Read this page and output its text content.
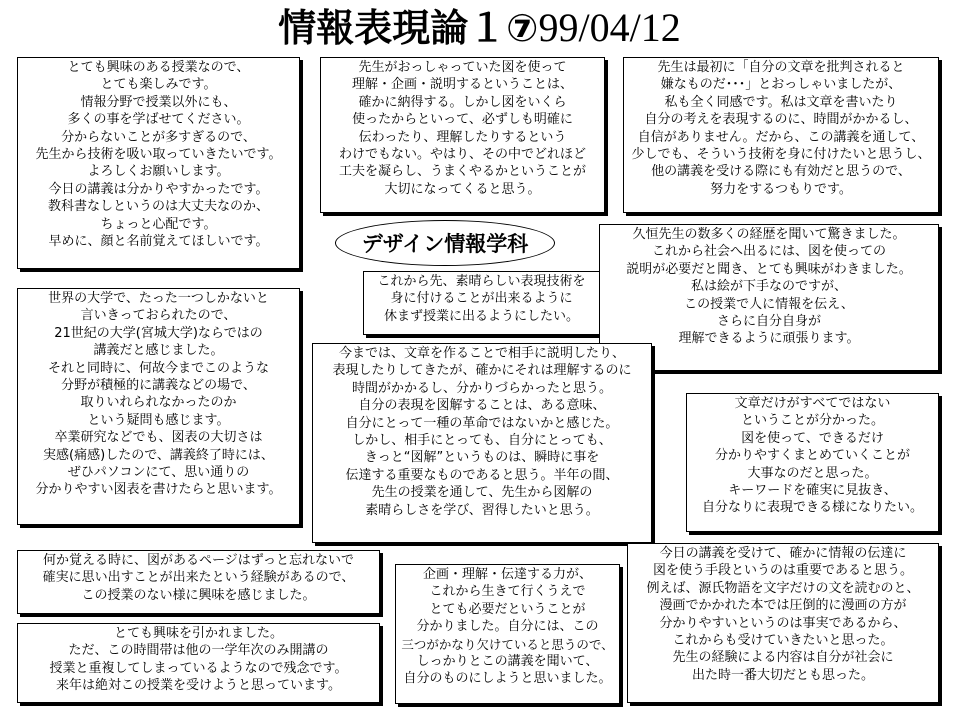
情報表現論１⑦99/04/12
デザイン情報学科
とても興味のある授業なので、
とても楽しみです。
情報分野で授業以外にも、
多くの事を学ばせてください。
分からないことが多すぎるので、
先生から技術を吸い取っていきたいです。
よろしくお願いします。
今日の講義は分かりやすかったです。
教科書なしというのは大丈夫なのか、
ちょっと心配です。
早めに、顔と名前覚えてほしいです。
先生がおっしゃっていた図を使って
理解・企画・説明するということは、
確かに納得する。しかし図をいくら
使ったからといって、必ずしも明確に
伝わったり、理解したりするという
わけでもない。やはり、その中でどれほど
工夫を凝らし、うまくやるかということが
大切になってくると思う。
先生は最初に「自分の文章を批判されると
嫌なものだ･･･」とおっしゃいましたが、
私も全く同感です。私は文章を書いたり
自分の考えを表現するのに、時間がかかるし、
自信がありません。だから、この講義を通して、
少しでも、そういう技術を身に付けたいと思うし、
他の講義を受ける際にも有効だと思うので、
努力をするつもりです。
これから先、素晴らしい表現技術を
身に付けることが出来るように
休まず授業に出るようにしたい。
久恒先生の数多くの経歴を聞いて驚きました。
これから社会へ出るには、図を使っての
説明が必要だと聞き、とても興味がわきました。
私は絵が下手なのですが、
この授業で人に情報を伝え、
さらに自分自身が
理解できるように頑張ります。
世界の大学で、たった一つしかないと
言いきっておられたので、
21世紀の大学(宮城大学)ならではの
講義だと感じました。
それと同時に、何故今までこのような
分野が積極的に講義などの場で、
取りいれられなかったのか
という疑問も感じます。
卒業研究などでも、図表の大切さは
実感(痛感)したので、講義終了時には、
ぜひパソコンにて、思い通りの
分かりやすい図表を書けたらと思います。
今までは、文章を作ることで相手に説明したり、
表現したりしてきたが、確かにそれは理解するのに
時間がかかるし、分かりづらかったと思う。
自分の表現を図解することは、ある意味、
自分にとって一種の革命ではないかと感じた。
しかし、相手にとっても、自分にとっても、
きっと“図解”というものは、瞬時に事を
伝達する重要なものであると思う。半年の間、
先生の授業を通して、先生から図解の
素晴らしさを学び、習得したいと思う。
文章だけがすべてではない
ということが分かった。
図を使って、できるだけ
分かりやすくまとめていくことが
大事なのだと思った。
キーワードを確実に見抜き、
自分なりに表現できる様になりたい。
何か覚える時に、図があるページはずっと忘れないで
確実に思い出すことが出来たという経験があるので、
この授業のない様に興味を感じました。
企画・理解・伝達する力が、
これから生きて行くうえで
とても必要だということが
分かりました。自分には、この
三つがかなり欠けていると思うので、
しっかりとこの講義を聞いて、
自分のものにしようと思いました。
今日の講義を受けて、確かに情報の伝達に
図を使う手段というのは重要であると思う。
例えば、源氏物語を文字だけの文を読むのと、
漫画でかかれた本では圧倒的に漫画の方が
分かりやすいというのは事実であるから、
これからも受けていきたいと思った。
先生の経験による内容は自分が社会に
出た時一番大切だとも思った。
とても興味を引かれました。
ただ、この時間帯は他の一学年次のみ開講の
授業と重複してしまっているようなので残念です。
来年は絶対この授業を受けようと思っています。
